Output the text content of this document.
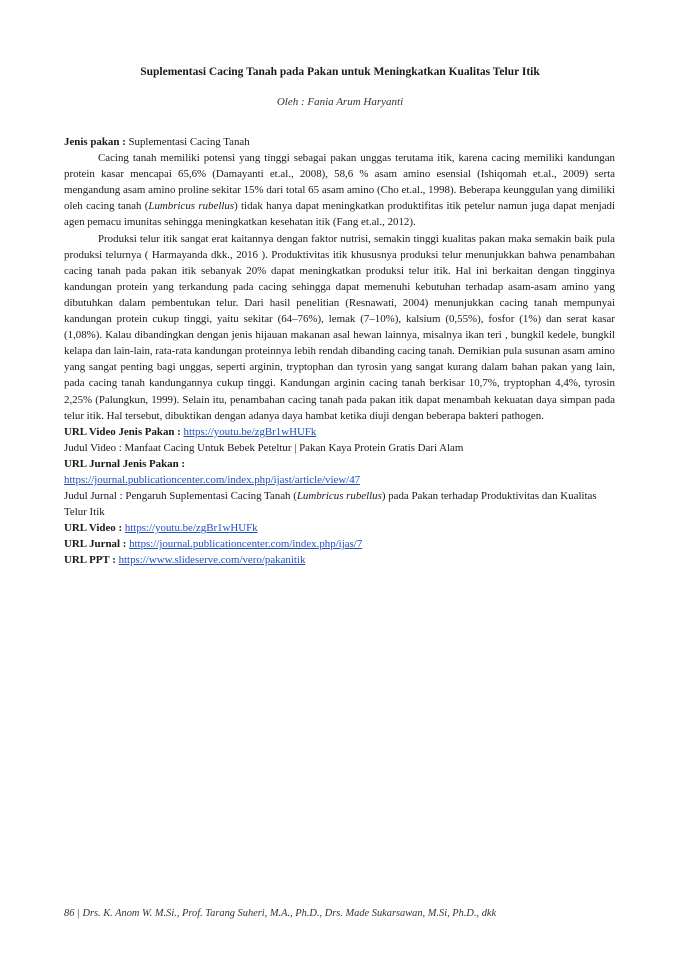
Suplementasi Cacing Tanah pada Pakan untuk Meningkatkan Kualitas Telur Itik
Oleh : Fania Arum Haryanti

Jenis pakan : Suplementasi Cacing Tanah

Cacing tanah memiliki potensi yang tinggi sebagai pakan unggas terutama itik, karena cacing memiliki kandungan protein kasar mencapai 65,6% (Damayanti et.al., 2008), 58,6 % asam amino esensial (Ishiqomah et.al., 2009) serta mengandung asam amino proline sekitar 15% dari total 65 asam amino (Cho et.al., 1998). Beberapa keunggulan yang dimiliki oleh cacing tanah (Lumbricus rubellus) tidak hanya dapat meningkatkan produktifitas itik petelur namun juga dapat menjadi agen pemacu imunitas sehingga meningkatkan kesehatan itik (Fang et.al., 2012).

Produksi telur itik sangat erat kaitannya dengan faktor nutrisi, semakin tinggi kualitas pakan maka semakin baik pula produksi telurnya ( Harmayanda dkk., 2016 ). Produktivitas itik khususnya produksi telur menunjukkan bahwa penambahan cacing tanah pada pakan itik sebanyak 20% dapat meningkatkan produksi telur itik. Hal ini berkaitan dengan tingginya kandungan protein yang terkandung pada cacing sehingga dapat memenuhi kebutuhan terhadap asam-asam amino yang dibutuhkan dalam pembentukan telur. Dari hasil penelitian (Resnawati, 2004) menunjukkan cacing tanah mempunyai kandungan protein cukup tinggi, yaitu sekitar (64–76%), lemak (7–10%), kalsium (0,55%), fosfor (1%) dan serat kasar (1,08%). Kalau dibandingkan dengan jenis hijauan makanan asal hewan lainnya, misalnya ikan teri , bungkil kedele, bungkil kelapa dan lain-lain, rata-rata kandungan proteinnya lebih rendah dibanding cacing tanah. Demikian pula susunan asam amino yang sangat penting bagi unggas, seperti arginin, tryptophan dan tyrosin yang sangat kurang dalam bahan pakan yang lain, pada cacing tanah kandungannya cukup tinggi. Kandungan arginin cacing tanah berkisar 10,7%, tryptophan 4,4%, tyrosin 2,25% (Palungkun, 1999). Selain itu, penambahan cacing tanah pada pakan itik dapat menambah kekuatan daya simpan pada telur itik. Hal tersebut, dibuktikan dengan adanya daya hambat ketika diuji dengan beberapa bakteri pathogen.

URL Video Jenis Pakan : https://youtu.be/zgBr1wHUFk

Judul Video : Manfaat Cacing Untuk Bebek Peteltur | Pakan Kaya Protein Gratis Dari Alam

URL Jurnal Jenis Pakan :

https://journal.publicationcenter.com/index.php/ijast/article/view/47

Judul Jurnal : Pengaruh Suplementasi Cacing Tanah (Lumbricus rubellus) pada Pakan terhadap Produktivitas dan Kualitas Telur Itik

URL Video : https://youtu.be/zgBr1wHUFk

URL Jurnal : https://journal.publicationcenter.com/index.php/ijas/7

URL PPT : https://www.slideserve.com/vero/pakanitik

86 | Drs. K. Anom W. M.Si., Prof. Tarang Suheri, M.A., Ph.D., Drs. Made Sukarsawan, M.Si, Ph.D., dkk
